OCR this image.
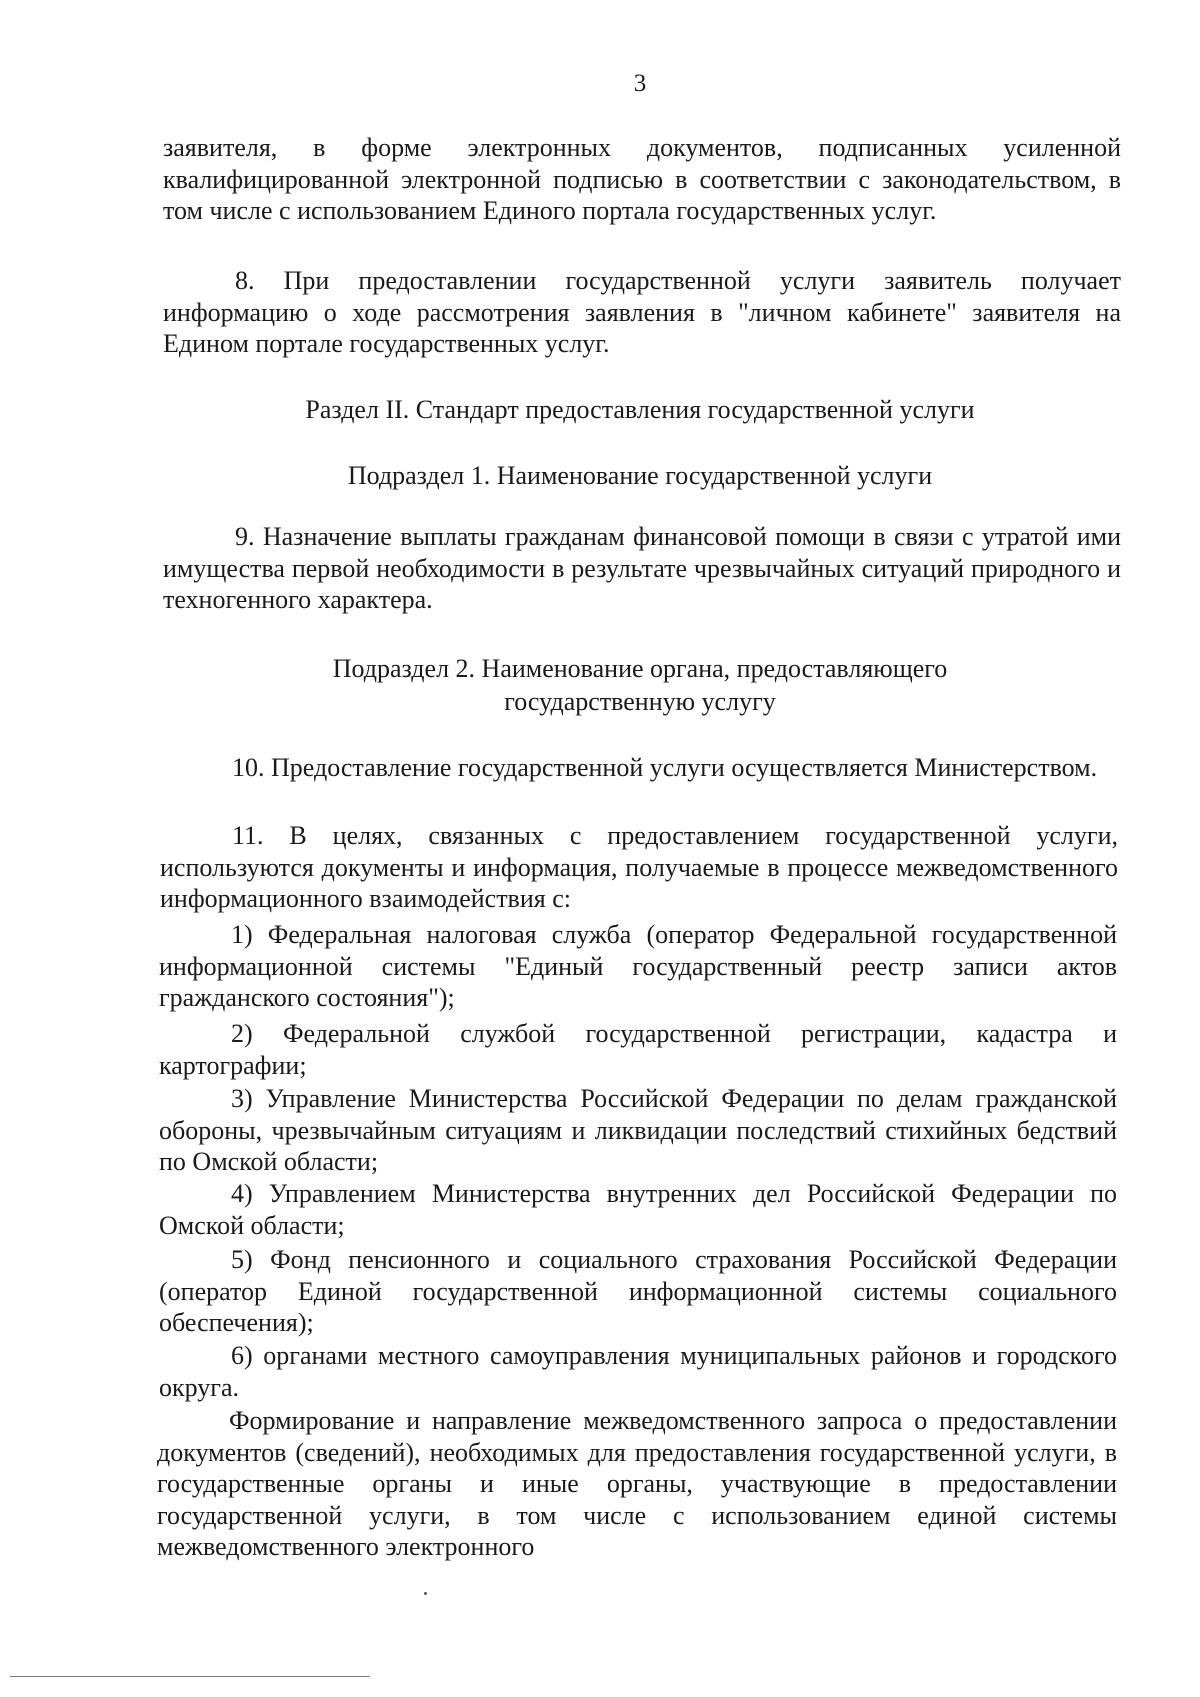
3
заявителя, в форме электронных документов, подписанных усиленной квалифицированной электронной подписью в соответствии с законодательством, в том числе с использованием Единого портала государственных услуг.
8. При предоставлении государственной услуги заявитель получает информацию о ходе рассмотрения заявления в "личном кабинете" заявителя на Едином портале государственных услуг.
Раздел II. Стандарт предоставления государственной услуги
Подраздел 1. Наименование государственной услуги
9. Назначение выплаты гражданам финансовой помощи в связи с утратой ими имущества первой необходимости в результате чрезвычайных ситуаций природного и техногенного характера.
Подраздел 2. Наименование органа, предоставляющего
государственную услугу
10. Предоставление государственной услуги осуществляется Министерством.
11. В целях, связанных с предоставлением государственной услуги, используются документы и информация, получаемые в процессе межведомственного информационного взаимодействия с:
1) Федеральная налоговая служба (оператор Федеральной государственной информационной системы "Единый государственный реестр записи актов гражданского состояния");
2) Федеральной службой государственной регистрации, кадастра и картографии;
3) Управление Министерства Российской Федерации по делам гражданской обороны, чрезвычайным ситуациям и ликвидации последствий стихийных бедствий по Омской области;
4) Управлением Министерства внутренних дел Российской Федерации по Омской области;
5) Фонд пенсионного и социального страхования Российской Федерации (оператор Единой государственной информационной системы социального обеспечения);
6) органами местного самоуправления муниципальных районов и городского округа.
Формирование и направление межведомственного запроса о предоставлении документов (сведений), необходимых для предоставления государственной услуги, в государственные органы и иные органы, участвующие в предоставлении государственной услуги, в том числе с использованием единой системы межведомственного электронного
